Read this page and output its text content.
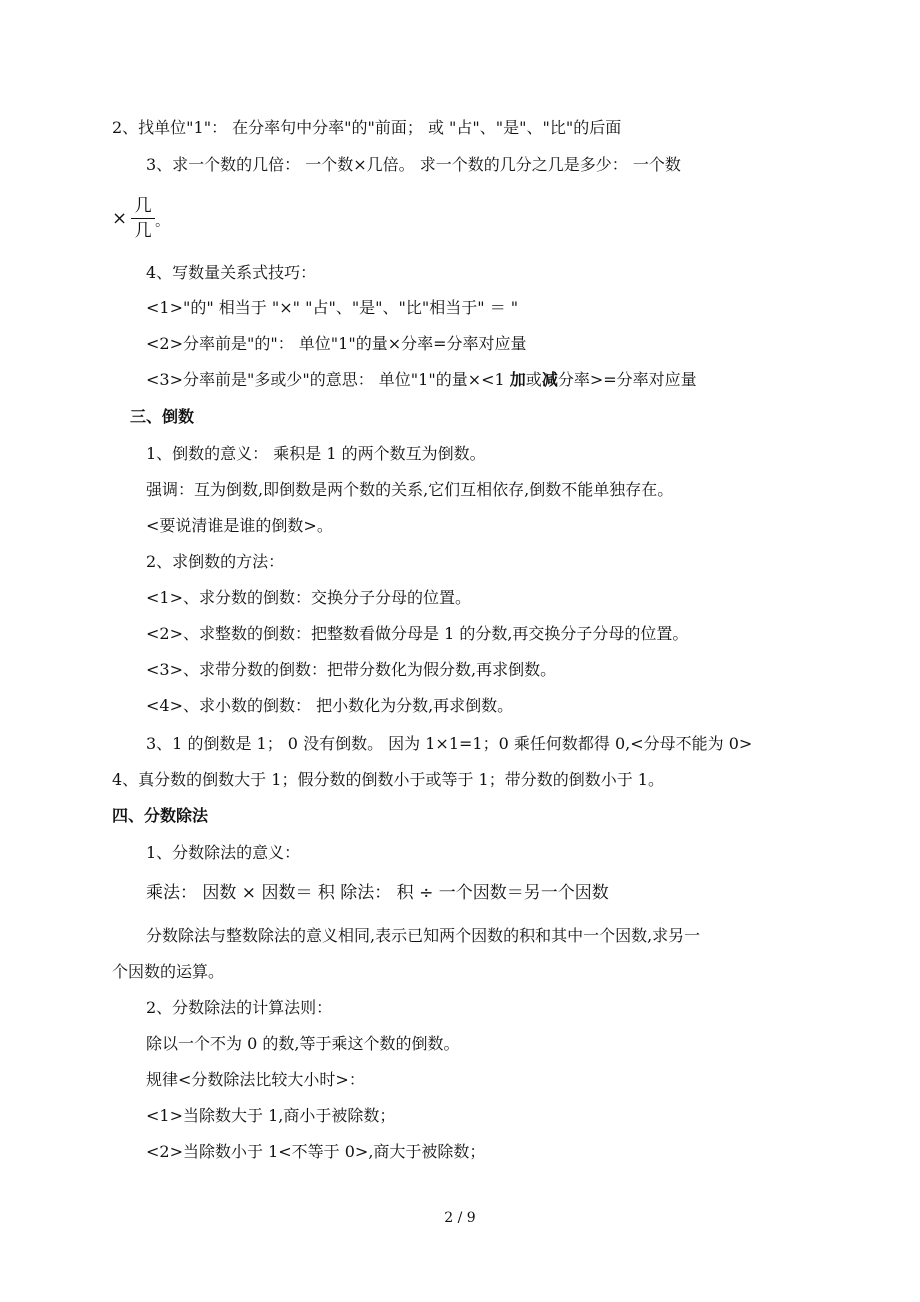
2、找单位"1"： 在分率句中分率"的"前面； 或 "占"、"是"、"比"的后面
3、求一个数的几倍： 一个数×几倍。 求一个数的几分之几是多少： 一个数
× $\frac{\text{几}}{\text{几}}$ 。
4、写数量关系式技巧：
<1>"的" 相当于 "×" "占"、"是"、"比"相当于" ＝ "
<2>分率前是"的"： 单位"1"的量×分率=分率对应量
<3>分率前是"多或少"的意思： 单位"1"的量×<1 加或减分率>=分率对应量
三、倒数
1、倒数的意义： 乘积是 1 的两个数互为倒数。
强调：互为倒数,即倒数是两个数的关系,它们互相依存,倒数不能单独存在。
<要说清谁是谁的倒数>。
2、求倒数的方法：
<1>、求分数的倒数：交换分子分母的位置。
<2>、求整数的倒数：把整数看做分母是 1 的分数,再交换分子分母的位置。
<3>、求带分数的倒数：把带分数化为假分数,再求倒数。
<4>、求小数的倒数： 把小数化为分数,再求倒数。
3、1 的倒数是 1； 0 没有倒数。 因为 1×1=1；0 乘任何数都得 0,<分母不能为 0>
4、真分数的倒数大于 1；假分数的倒数小于或等于 1；带分数的倒数小于 1。
四、分数除法
1、分数除法的意义：
乘法： 因数 × 因数＝ 积 除法： 积 ÷ 一个因数＝另一个因数
分数除法与整数除法的意义相同,表示已知两个因数的积和其中一个因数,求另一
个因数的运算。
2、分数除法的计算法则：
除以一个不为 0 的数,等于乘这个数的倒数。
规律<分数除法比较大小时>：
<1>当除数大于 1,商小于被除数；
<2>当除数小于 1<不等于 0>,商大于被除数；
2 / 9
